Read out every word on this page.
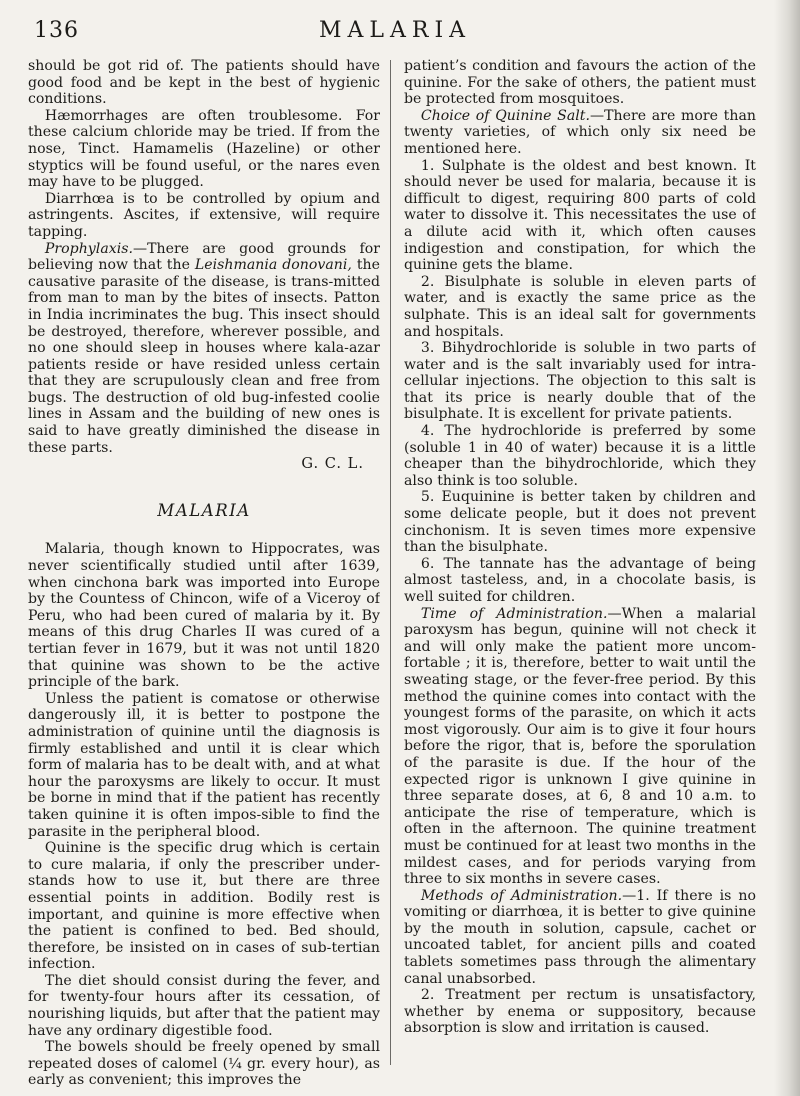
136	MALARIA

should be got rid of. The patients should have good food and be kept in the best of hygienic conditions.

Hæmorrhages are often troublesome. For these calcium chloride may be tried. If from the nose, Tinct. Hamamelis (Hazeline) or other styptics will be found useful, or the nares even may have to be plugged.

Diarrhœa is to be controlled by opium and astringents. Ascites, if extensive, will require tapping.

Prophylaxis.—There are good grounds for believing now that the Leishmania donovani, the causative parasite of the disease, is trans-mitted from man to man by the bites of insects. Patton in India incriminates the bug. This insect should be destroyed, therefore, wherever possible, and no one should sleep in houses where kala-azar patients reside or have resided unless certain that they are scrupulously clean and free from bugs. The destruction of old bug-infested coolie lines in Assam and the building of new ones is said to have greatly diminished the disease in these parts.

G. C. L.
MALARIA

Malaria, though known to Hippocrates, was never scientifically studied until after 1639, when cinchona bark was imported into Europe by the Countess of Chincon, wife of a Viceroy of Peru, who had been cured of malaria by it. By means of this drug Charles II was cured of a tertian fever in 1679, but it was not until 1820 that quinine was shown to be the active principle of the bark.

Unless the patient is comatose or otherwise dangerously ill, it is better to postpone the administration of quinine until the diagnosis is firmly established and until it is clear which form of malaria has to be dealt with, and at what hour the paroxysms are likely to occur. It must be borne in mind that if the patient has recently taken quinine it is often impos-sible to find the parasite in the peripheral blood.

Quinine is the specific drug which is certain to cure malaria, if only the prescriber under-stands how to use it, but there are three essential points in addition. Bodily rest is important, and quinine is more effective when the patient is confined to bed. Bed should, therefore, be insisted on in cases of sub-tertian infection.

The diet should consist during the fever, and for twenty-four hours after its cessation, of nourishing liquids, but after that the patient may have any ordinary digestible food.

The bowels should be freely opened by small repeated doses of calomel (¼ gr. every hour), as early as convenient; this improves the

patient’s condition and favours the action of the quinine. For the sake of others, the patient must be protected from mosquitoes.

Choice of Quinine Salt.—There are more than twenty varieties, of which only six need be mentioned here.

1. Sulphate is the oldest and best known. It should never be used for malaria, because it is difficult to digest, requiring 800 parts of cold water to dissolve it. This necessitates the use of a dilute acid with it, which often causes indigestion and constipation, for which the quinine gets the blame.

2. Bisulphate is soluble in eleven parts of water, and is exactly the same price as the sulphate. This is an ideal salt for governments and hospitals.

3. Bihydrochloride is soluble in two parts of water and is the salt invariably used for intra-cellular injections. The objection to this salt is that its price is nearly double that of the bisulphate. It is excellent for private patients.

4. The hydrochloride is preferred by some (soluble 1 in 40 of water) because it is a little cheaper than the bihydrochloride, which they also think is too soluble.

5. Euquinine is better taken by children and some delicate people, but it does not prevent cinchonism. It is seven times more expensive than the bisulphate.

6. The tannate has the advantage of being almost tasteless, and, in a chocolate basis, is well suited for children.

Time of Administration.—When a malarial paroxysm has begun, quinine will not check it and will only make the patient more uncom-fortable ; it is, therefore, better to wait until the sweating stage, or the fever-free period. By this method the quinine comes into contact with the youngest forms of the parasite, on which it acts most vigorously. Our aim is to give it four hours before the rigor, that is, before the sporulation of the parasite is due. If the hour of the expected rigor is unknown I give quinine in three separate doses, at 6, 8 and 10 a.m. to anticipate the rise of temperature, which is often in the afternoon. The quinine treatment must be continued for at least two months in the mildest cases, and for periods varying from three to six months in severe cases.

Methods of Administration.—1. If there is no vomiting or diarrhœa, it is better to give quinine by the mouth in solution, capsule, cachet or uncoated tablet, for ancient pills and coated tablets sometimes pass through the alimentary canal unabsorbed.

2. Treatment per rectum is unsatisfactory, whether by enema or suppository, because absorption is slow and irritation is caused.
